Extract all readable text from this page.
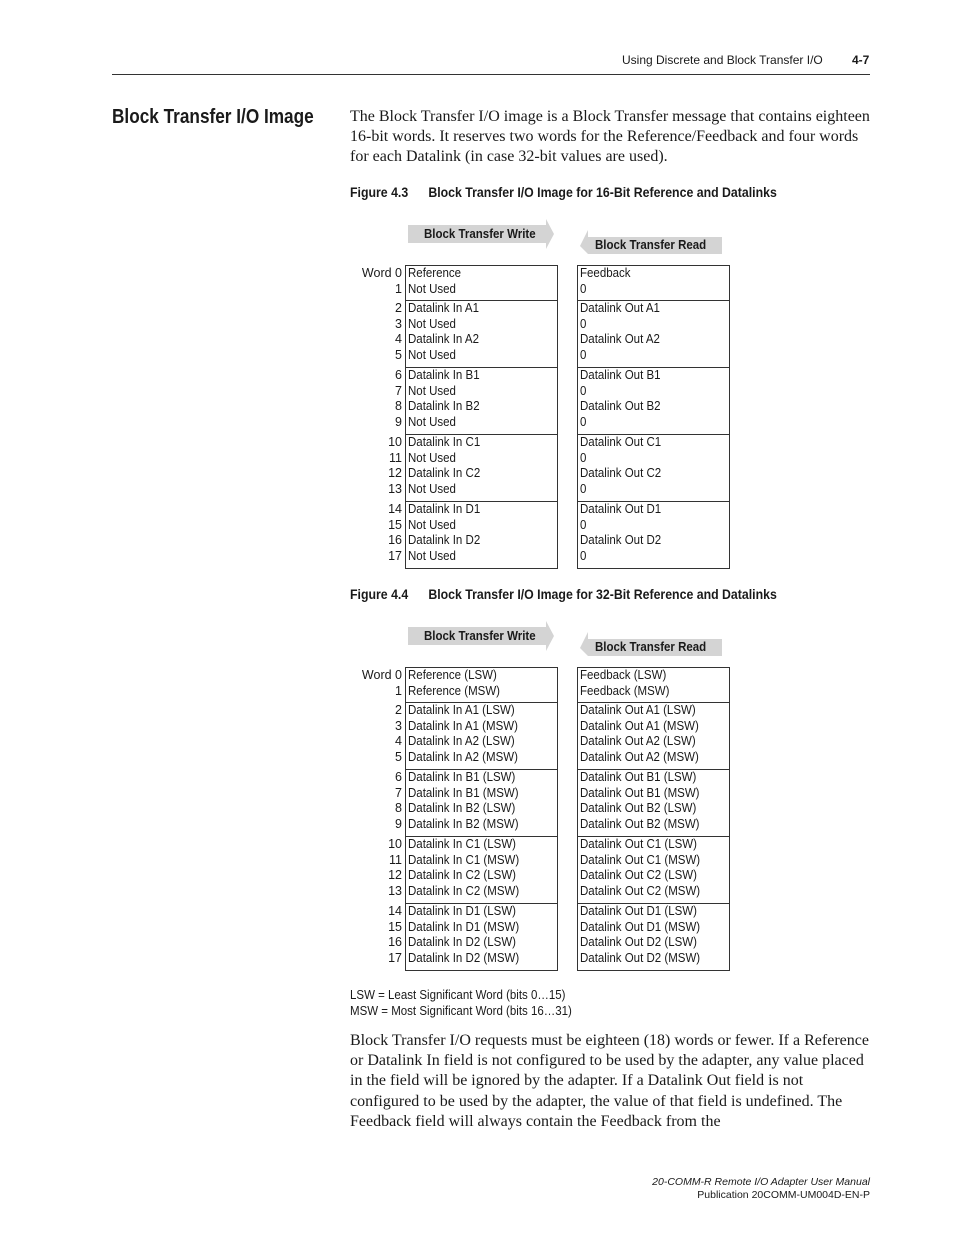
Using Discrete and Block Transfer I/O 4-7
Block Transfer I/O Image The Block Transfer I/O image is a Block Transfer message that contains eighteen 16-bit words. It reserves two words for the Reference/Feedback and four words for each Datalink (in case 32-bit values are used).
Figure 4.3 Block Transfer I/O Image for 16-Bit Reference and Datalinks
Block Transfer Write
Block Transfer Read
Word 0 Reference	Feedback
1 Not Used	0
2 Datalink In A1	Datalink Out A1
3 Not Used	0
4 Datalink In A2	Datalink Out A2
5 Not Used	0
6 Datalink In B1	Datalink Out B1
7 Not Used	0
8 Datalink In B2	Datalink Out B2
9 Not Used	0
10 Datalink In C1	Datalink Out C1
11 Not Used	0
12 Datalink In C2	Datalink Out C2
13 Not Used	0
14 Datalink In D1	Datalink Out D1
15 Not Used	0
16 Datalink In D2	Datalink Out D2
17 Not Used	0
Figure 4.4 Block Transfer I/O Image for 32-Bit Reference and Datalinks
Block Transfer Write
Block Transfer Read
Word 0 Reference (LSW)	Feedback (LSW)
1 Reference (MSW)	Feedback (MSW)
2 Datalink In A1 (LSW)	Datalink Out A1 (LSW)
3 Datalink In A1 (MSW)	Datalink Out A1 (MSW)
4 Datalink In A2 (LSW)	Datalink Out A2 (LSW)
5 Datalink In A2 (MSW)	Datalink Out A2 (MSW)
6 Datalink In B1 (LSW)	Datalink Out B1 (LSW)
7 Datalink In B1 (MSW)	Datalink Out B1 (MSW)
8 Datalink In B2 (LSW)	Datalink Out B2 (LSW)
9 Datalink In B2 (MSW)	Datalink Out B2 (MSW)
10 Datalink In C1 (LSW)	Datalink Out C1 (LSW)
11 Datalink In C1 (MSW)	Datalink Out C1 (MSW)
12 Datalink In C2 (LSW)	Datalink Out C2 (LSW)
13 Datalink In C2 (MSW)	Datalink Out C2 (MSW)
14 Datalink In D1 (LSW)	Datalink Out D1 (LSW)
15 Datalink In D1 (MSW)	Datalink Out D1 (MSW)
16 Datalink In D2 (LSW)	Datalink Out D2 (LSW)
17 Datalink In D2 (MSW)	Datalink Out D2 (MSW)
LSW = Least Significant Word (bits 0…15)
MSW = Most Significant Word (bits 16…31)
Block Transfer I/O requests must be eighteen (18) words or fewer. If a Reference or Datalink In field is not configured to be used by the adapter, any value placed in the field will be ignored by the adapter. If a Datalink Out field is not configured to be used by the adapter, the value of that field is undefined. The Feedback field will always contain the Feedback from the
20-COMM-R Remote I/O Adapter User Manual
Publication 20COMM-UM004D-EN-P
